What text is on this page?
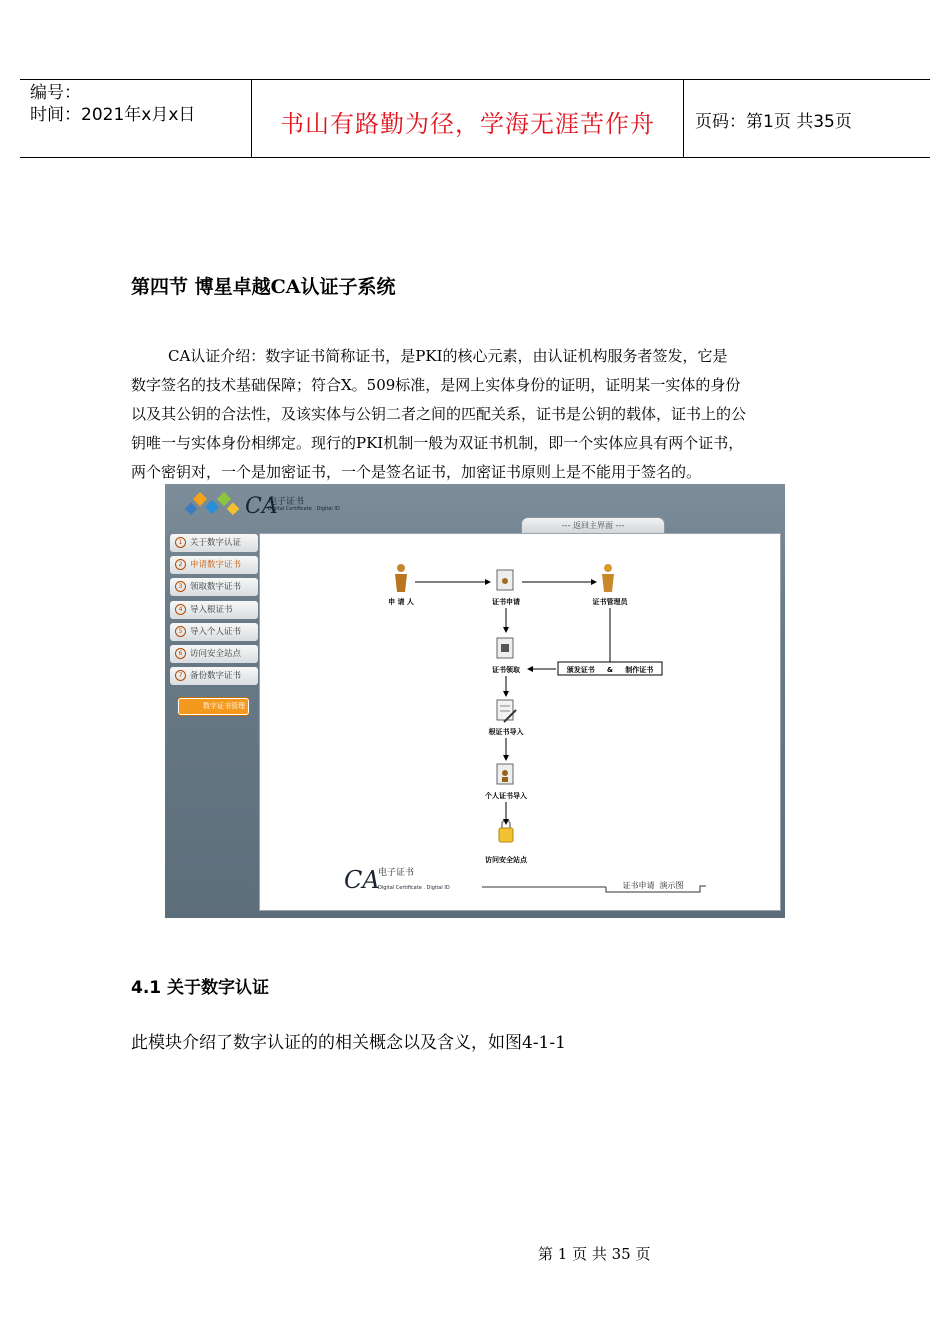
编号：
时间：2021年x月x日	书山有路勤为径，学海无涯苦作舟	页码：第1页 共35页
第四节 博星卓越CA认证子系统

CA认证介绍：数字证书简称证书，是PKI的核心元素，由认证机构服务者签发，它是

数字签名的技术基础保障；符合X。509标准，是网上实体身份的证明，证明某一实体的身份

以及其公钥的合法性，及该实体与公钥二者之间的匹配关系，证书是公钥的载体，证书上的公

钥唯一与实体身份相绑定。现行的PKI机制一般为双证书机制，即一个实体应具有两个证书，

两个密钥对，一个是加密证书，一个是签名证书，加密证书原则上是不能用于签名的。

CA
电子证书
Digital Certificate . Digital ID
--- 返回主界面 ---
1 关于数字认证
2 申请数字证书
3 领取数字证书
4 导入根证书
5 导入个人证书
6 访问安全站点
7 备份数字证书
数字证书管理
申 请 人	证书申请	证书管理员
证书领取	颁发证书     &     制作证书
根证书导入
个人证书导入
访问安全站点
CA
电子证书
Digital Certificate . Digital ID	证书申请  演示图
4.1 关于数字认证
此模块介绍了数字认证的的相关概念以及含义，如图4-1-1
第 1 页 共 35 页
